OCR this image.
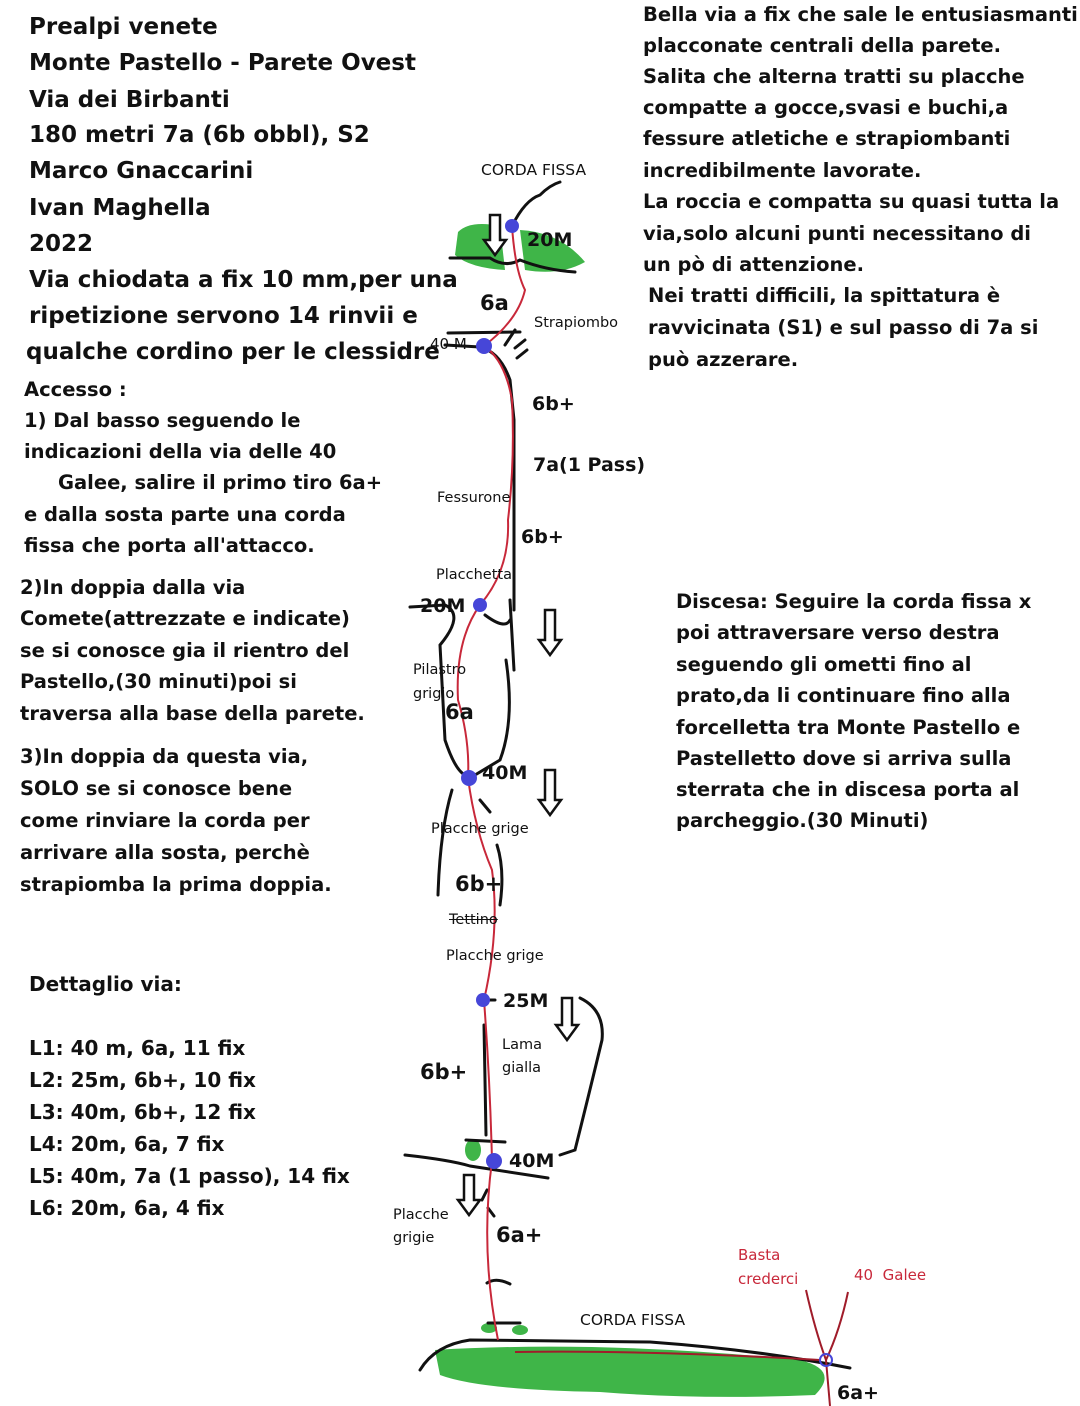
Prealpi venete
Monte Pastello - Parete Ovest
Via dei Birbanti
180 metri 7a (6b obbl), S2
Marco Gnaccarini
Ivan Maghella
2022
Via chiodata a fix 10 mm,per una
ripetizione servono 14 rinvii e
qualche cordino per le clessidre
Accesso :
1) Dal basso seguendo le
indicazioni della via delle 40
Galee, salire il primo tiro 6a+
e dalla sosta parte una corda
fissa che porta all'attacco.
2)In doppia dalla via
Comete(attrezzate e indicate)
se si conosce gia il rientro del
Pastello,(30 minuti)poi si
traversa alla base della parete.
3)In doppia da questa via,
SOLO se si conosce bene
come rinviare la corda per
arrivare alla sosta, perchè
strapiomba la prima doppia.
Bella via a fix che sale le entusiasmanti
placconate centrali della parete.
Salita che alterna tratti su placche
compatte a gocce,svasi e buchi,a
fessure atletiche e strapiombanti
incredibilmente lavorate.
La roccia e compatta su quasi tutta la
via,solo alcuni punti necessitano di
un pò di attenzione.
Nei tratti difficili, la spittatura è
ravvicinata (S1) e sul passo di 7a si
può azzerare.
Discesa: Seguire la corda fissa x
poi attraversare verso destra
seguendo gli ometti fino al
prato,da li continuare fino alla
forcelletta tra Monte Pastello e
Pastelletto dove si arriva sulla
sterrata che in discesa porta al
parcheggio.(30 Minuti)
Dettaglio via:
L1: 40 m, 6a, 11 fix
L2: 25m, 6b+, 10 fix
L3: 40m, 6b+, 12 fix
L4: 20m, 6a, 7 fix
L5: 40m, 7a (1 passo), 14 fix
L6: 20m, 6a, 4 fix
CORDA FISSA
CORDA FISSA
20M
40 M
20M
40M
25M
40M
6a
6b+
7a(1 Pass)
6b+
6a
6b+
6b+
6a+
6a+
Strapiombo
Fessurone
Placchetta
Pilastro
grigio
Placche grige
Tettino
Placche grige
Lama
gialla
Placche
grigie
Basta
crederci	40  Galee
